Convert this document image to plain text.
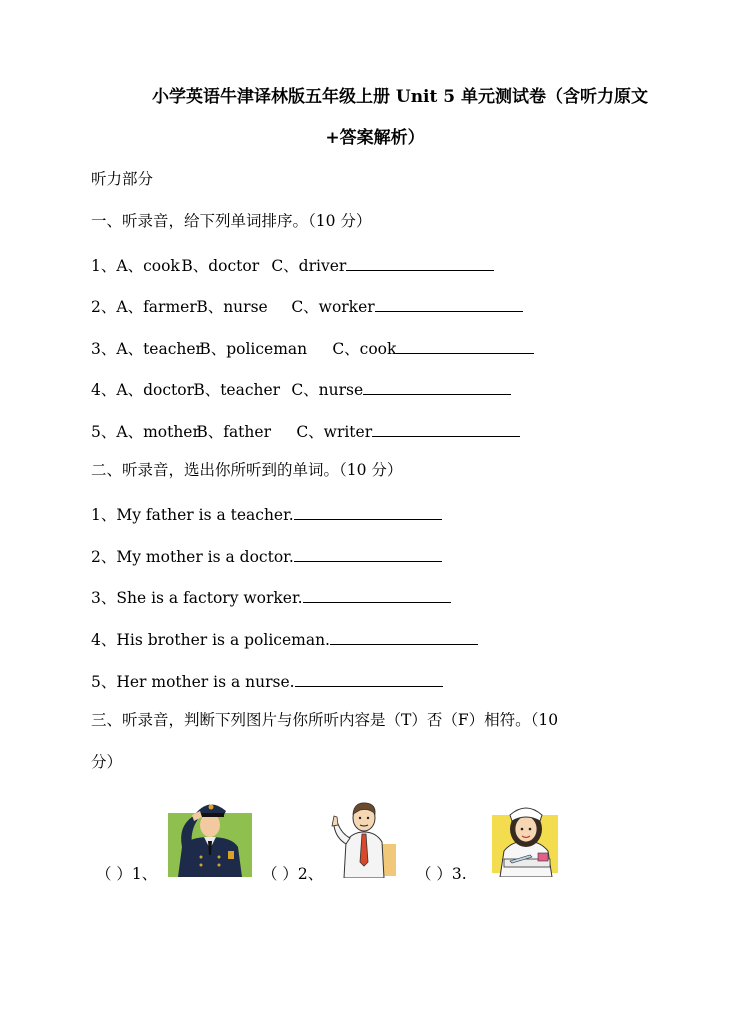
小学英语牛津译林版五年级上册 Unit 5 单元测试卷（含听力原文
+答案解析）
听力部分
一、听录音，给下列单词排序。（10 分）
1、A、cook B、doctor C、driver
2、A、farmer B、nurse C、worker
3、A、teacher B、policeman C、cook
4、A、doctor B、teacher C、nurse
5、A、mother B、father C、writer
二、听录音，选出你所听到的单词。（10 分）
1、My father is a teacher.
2、My mother is a doctor.
3、She is a factory worker.
4、His brother is a policeman.
5、Her mother is a nurse.
三、听录音，判断下列图片与你所听内容是（T）否（F）相符。（10
分）
（ ）1、	（ ）2、	（ ）3.
